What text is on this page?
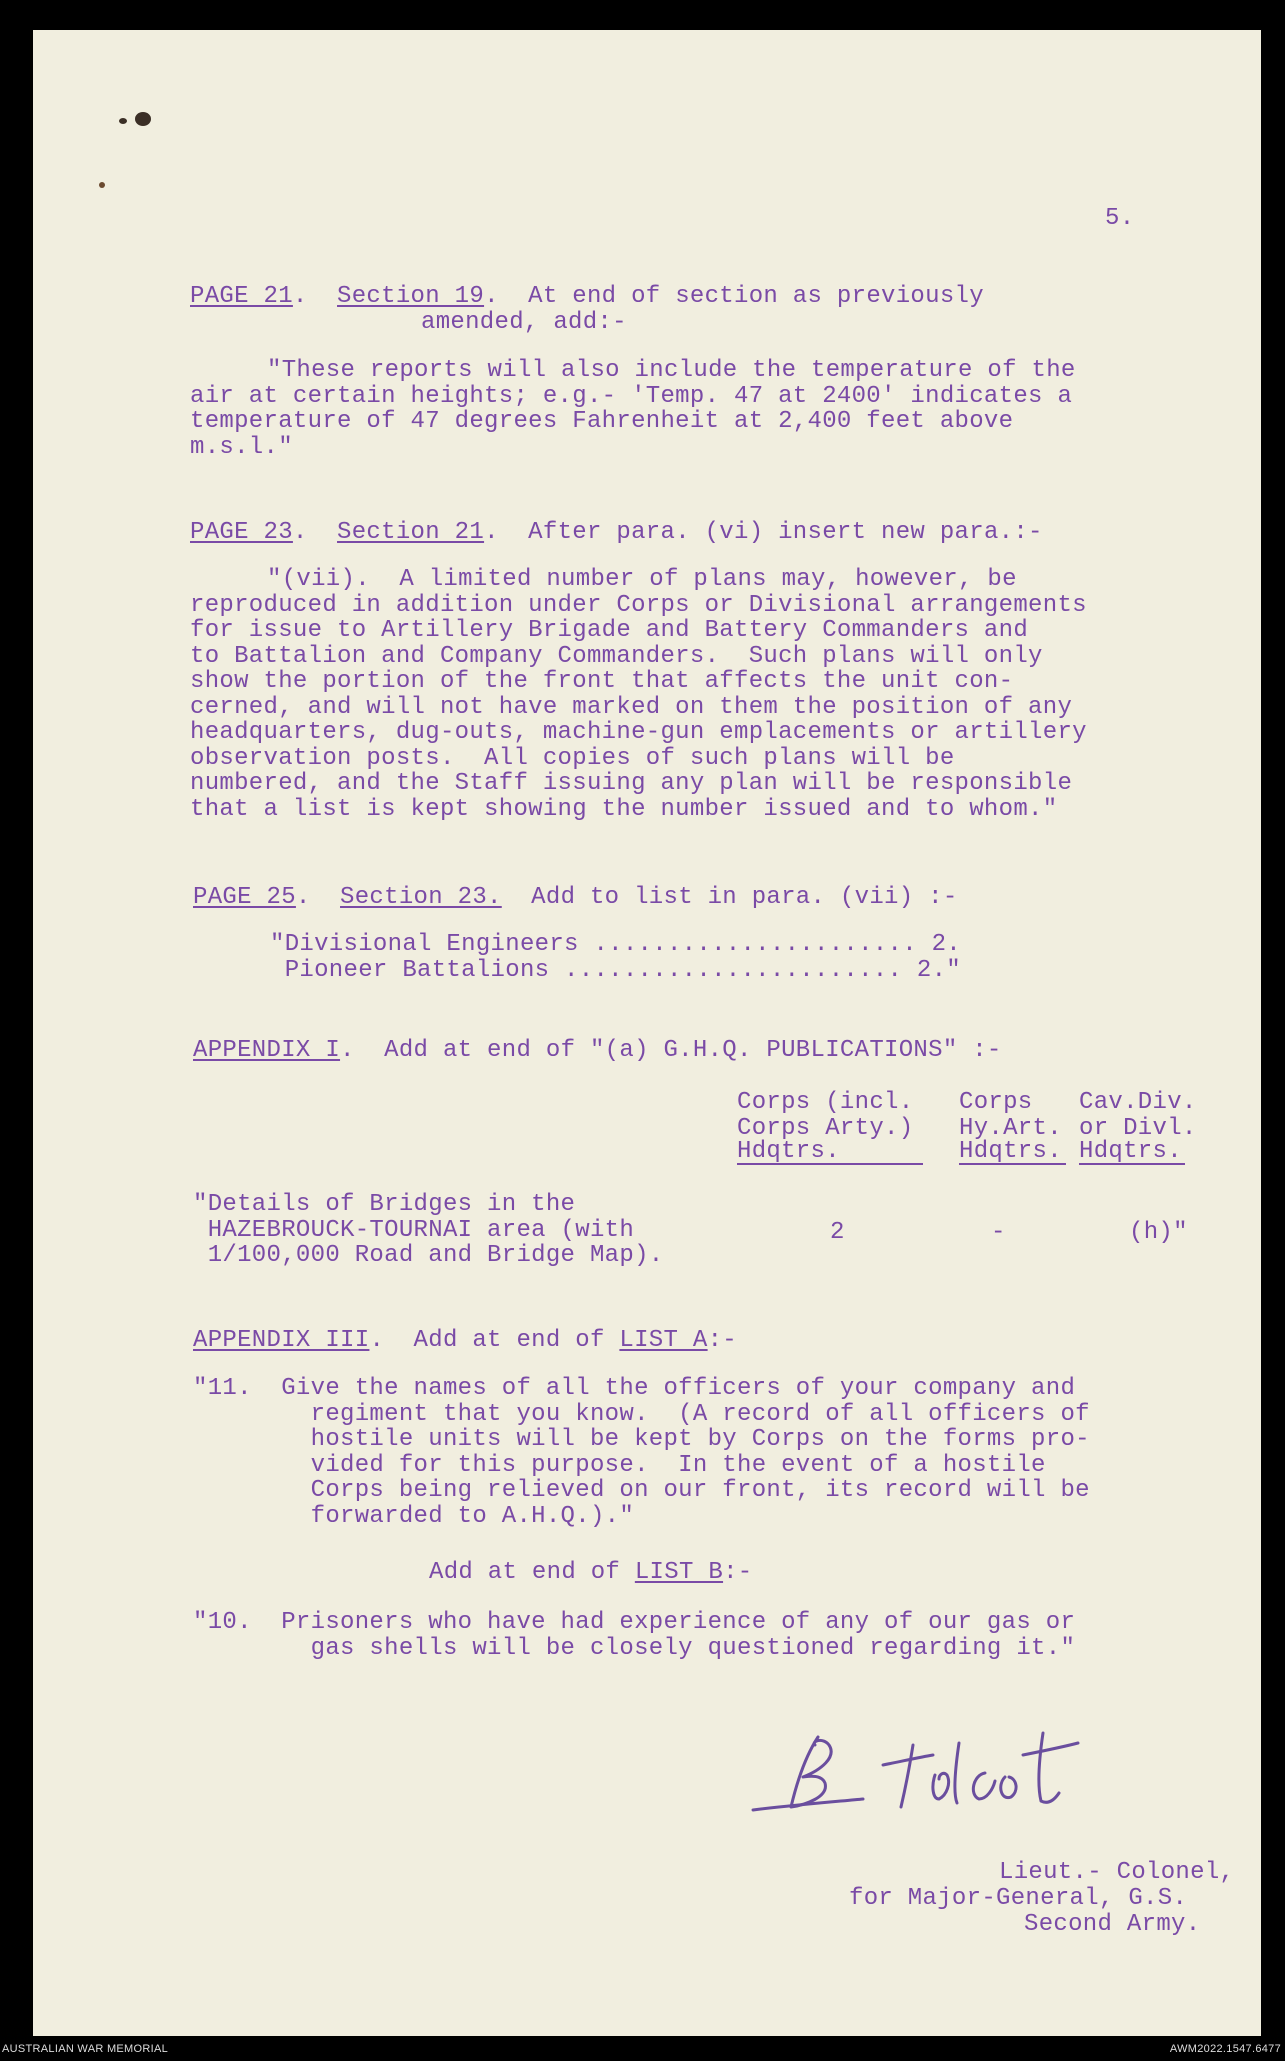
5.

PAGE 21.  Section 19.  At end of section as previously

amended, add:-

"These reports will also include the temperature of the
air at certain heights; e.g.- 'Temp. 47 at 2400' indicates a
temperature of 47 degrees Fahrenheit at 2,400 feet above
m.s.l."

PAGE 23.  Section 21.  After para. (vi) insert new para.:-

"(vii).  A limited number of plans may, however, be
reproduced in addition under Corps or Divisional arrangements
for issue to Artillery Brigade and Battery Commanders and
to Battalion and Company Commanders.  Such plans will only
show the portion of the front that affects the unit con-
cerned, and will not have marked on them the position of any
headquarters, dug-outs, machine-gun emplacements or artillery
observation posts.  All copies of such plans will be
numbered, and the Staff issuing any plan will be responsible
that a list is kept showing the number issued and to whom."

PAGE 25.  Section 23.  Add to list in para. (vii) :-

"Divisional Engineers ...................... 2.
Pioneer Battalions ....................... 2."

APPENDIX I.  Add at end of "(a) G.H.Q. PUBLICATIONS" :-

Corps (incl.
Corps Arty.)
Hdqtrs.
Corps
Hy.Art.
Hdqtrs.
Cav.Div.
or Divl.
Hdqtrs.
"Details of Bridges in the
HAZEBROUCK-TOURNAI area (with
1/100,000 Road and Bridge Map).

2	-	(h)"

APPENDIX III.  Add at end of LIST A:-

"11.  Give the names of all the officers of your company and
regiment that you know.  (A record of all officers of
hostile units will be kept by Corps on the forms pro-
vided for this purpose.  In the event of a hostile
Corps being relieved on our front, its record will be
forwarded to A.H.Q.)."

Add at end of LIST B:-

"10.  Prisoners who have had experience of any of our gas or
gas shells will be closely questioned regarding it."

Lieut.- Colonel,

for Major-General, G.S.

Second Army.

AUSTRALIAN WAR MEMORIAL	AWM2022.1547.6477
